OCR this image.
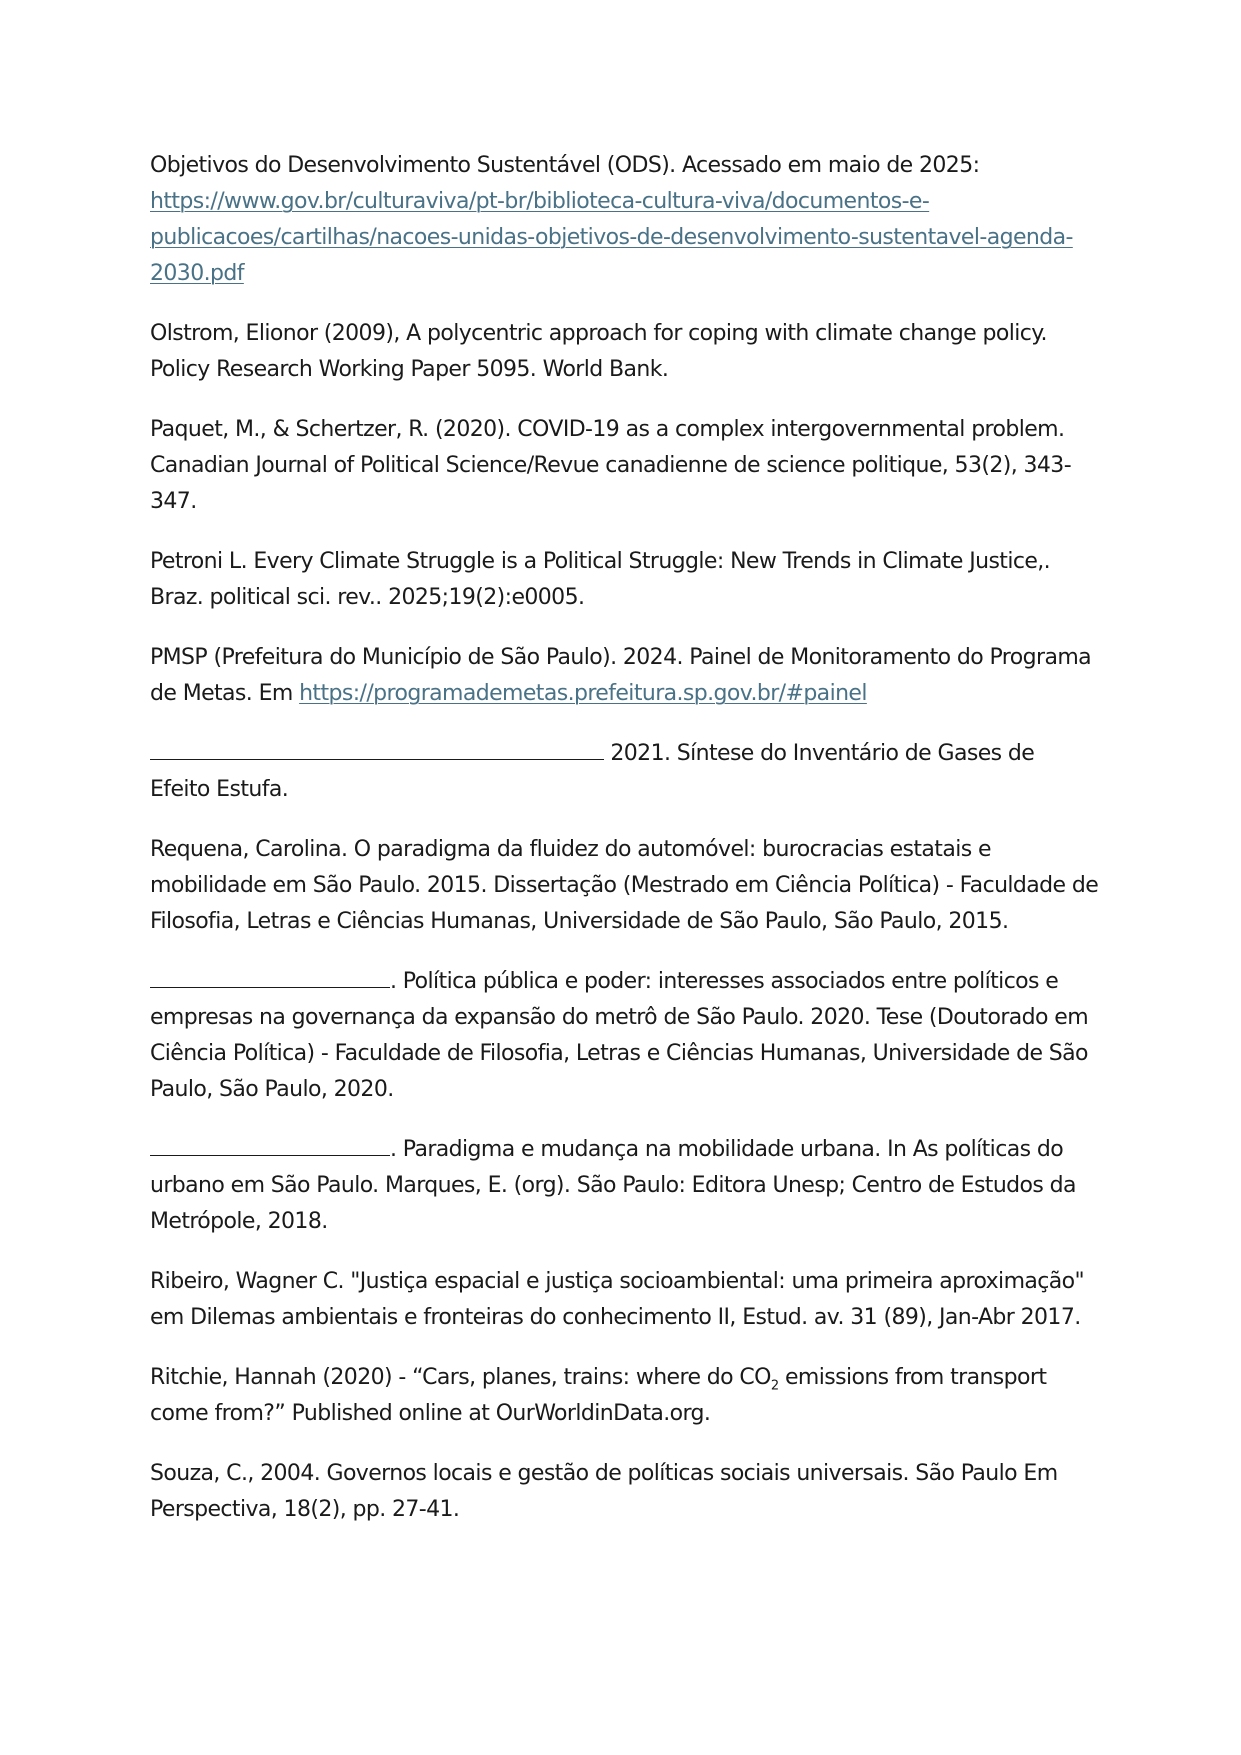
Objetivos do Desenvolvimento Sustentável (ODS). Acessado em maio de 2025: https://www.gov.br/culturaviva/pt-br/biblioteca-cultura-viva/documentos-e-publicacoes/cartilhas/nacoes-unidas-objetivos-de-desenvolvimento-sustentavel-agenda-2030.pdf

Olstrom, Elionor (2009), A polycentric approach for coping with climate change policy. Policy Research Working Paper 5095. World Bank.

Paquet, M., & Schertzer, R. (2020). COVID-19 as a complex intergovernmental problem. Canadian Journal of Political Science/Revue canadienne de science politique, 53(2), 343-347.

Petroni L. Every Climate Struggle is a Political Struggle: New Trends in Climate Justice,. Braz. political sci. rev.. 2025;19(2):e0005.

PMSP (Prefeitura do Município de São Paulo). 2024. Painel de Monitoramento do Programa de Metas. Em https://programademetas.prefeitura.sp.gov.br/#painel

2021. Síntese do Inventário de Gases de Efeito Estufa.

Requena, Carolina. O paradigma da fluidez do automóvel: burocracias estatais e mobilidade em São Paulo. 2015. Dissertação (Mestrado em Ciência Política) - Faculdade de Filosofia, Letras e Ciências Humanas, Universidade de São Paulo, São Paulo, 2015.

. Política pública e poder: interesses associados entre políticos e empresas na governança da expansão do metrô de São Paulo. 2020. Tese (Doutorado em Ciência Política) - Faculdade de Filosofia, Letras e Ciências Humanas, Universidade de São Paulo, São Paulo, 2020.

. Paradigma e mudança na mobilidade urbana. In As políticas do urbano em São Paulo. Marques, E. (org). São Paulo: Editora Unesp; Centro de Estudos da Metrópole, 2018.

Ribeiro, Wagner C. "Justiça espacial e justiça socioambiental: uma primeira aproximação" em Dilemas ambientais e fronteiras do conhecimento II, Estud. av. 31 (89), Jan-Abr 2017.

Ritchie, Hannah (2020) - “Cars, planes, trains: where do $CO_2$ emissions from transport come from?” Published online at OurWorldinData.org.

Souza, C., 2004. Governos locais e gestão de políticas sociais universais. São Paulo Em Perspectiva, 18(2), pp. 27-41.
